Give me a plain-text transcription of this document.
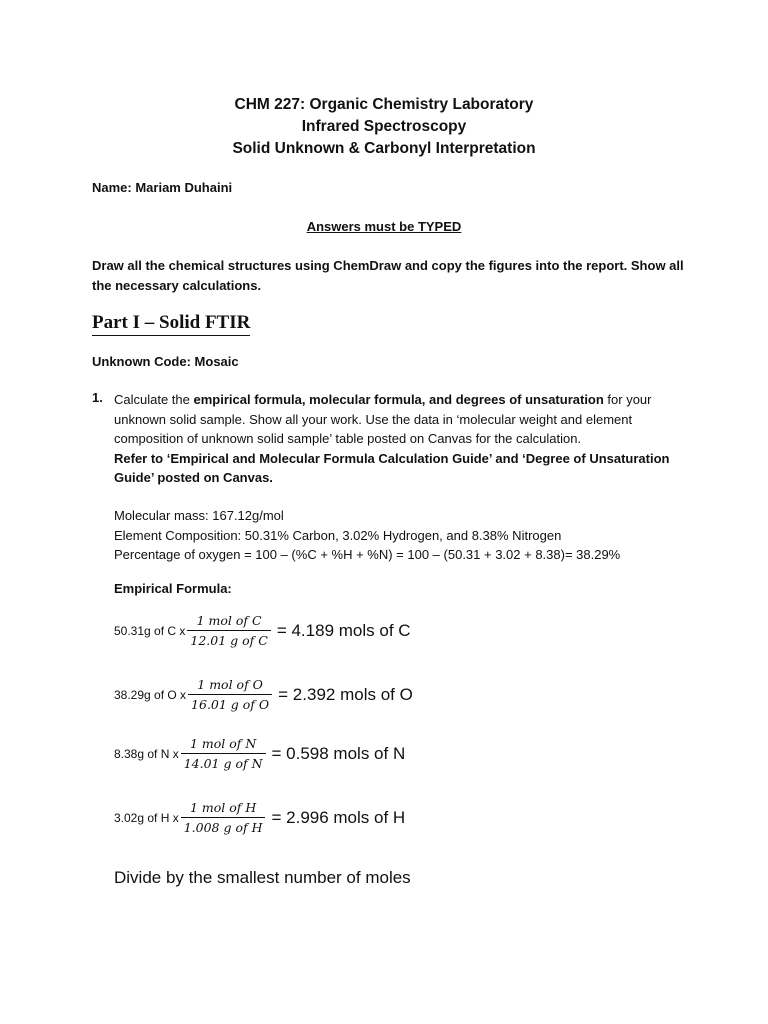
CHM 227: Organic Chemistry Laboratory
Infrared Spectroscopy
Solid Unknown & Carbonyl Interpretation
Name: Mariam Duhaini
Answers must be TYPED
Draw all the chemical structures using ChemDraw and copy the figures into the report. Show all the necessary calculations.
Part I – Solid FTIR
Unknown Code: Mosaic
1. Calculate the empirical formula, molecular formula, and degrees of unsaturation for your unknown solid sample. Show all your work. Use the data in ‘molecular weight and element composition of unknown solid sample’ table posted on Canvas for the calculation.
Refer to ‘Empirical and Molecular Formula Calculation Guide’ and ‘Degree of Unsaturation Guide’ posted on Canvas.
Molecular mass: 167.12g/mol
Element Composition: 50.31% Carbon, 3.02% Hydrogen, and 8.38% Nitrogen
Percentage of oxygen = 100 – (%C + %H + %N) = 100 – (50.31 + 3.02 + 8.38)= 38.29%
Empirical Formula:
50.31g of C x $\frac{\text{1 mol of C}}{\text{12.01 g of C}} = 4.189$ mols of C
38.29g of O x $\frac{\text{1 mol of O}}{\text{16.01 g of O}} = 2.392$ mols of O
8.38g of N x $\frac{\text{1 mol of N}}{\text{14.01 g of N}} = 0.598$ mols of N
3.02g of H x $\frac{\text{1 mol of H}}{\text{1.008 g of H}} = 2.996$ mols of H
Divide by the smallest number of moles
